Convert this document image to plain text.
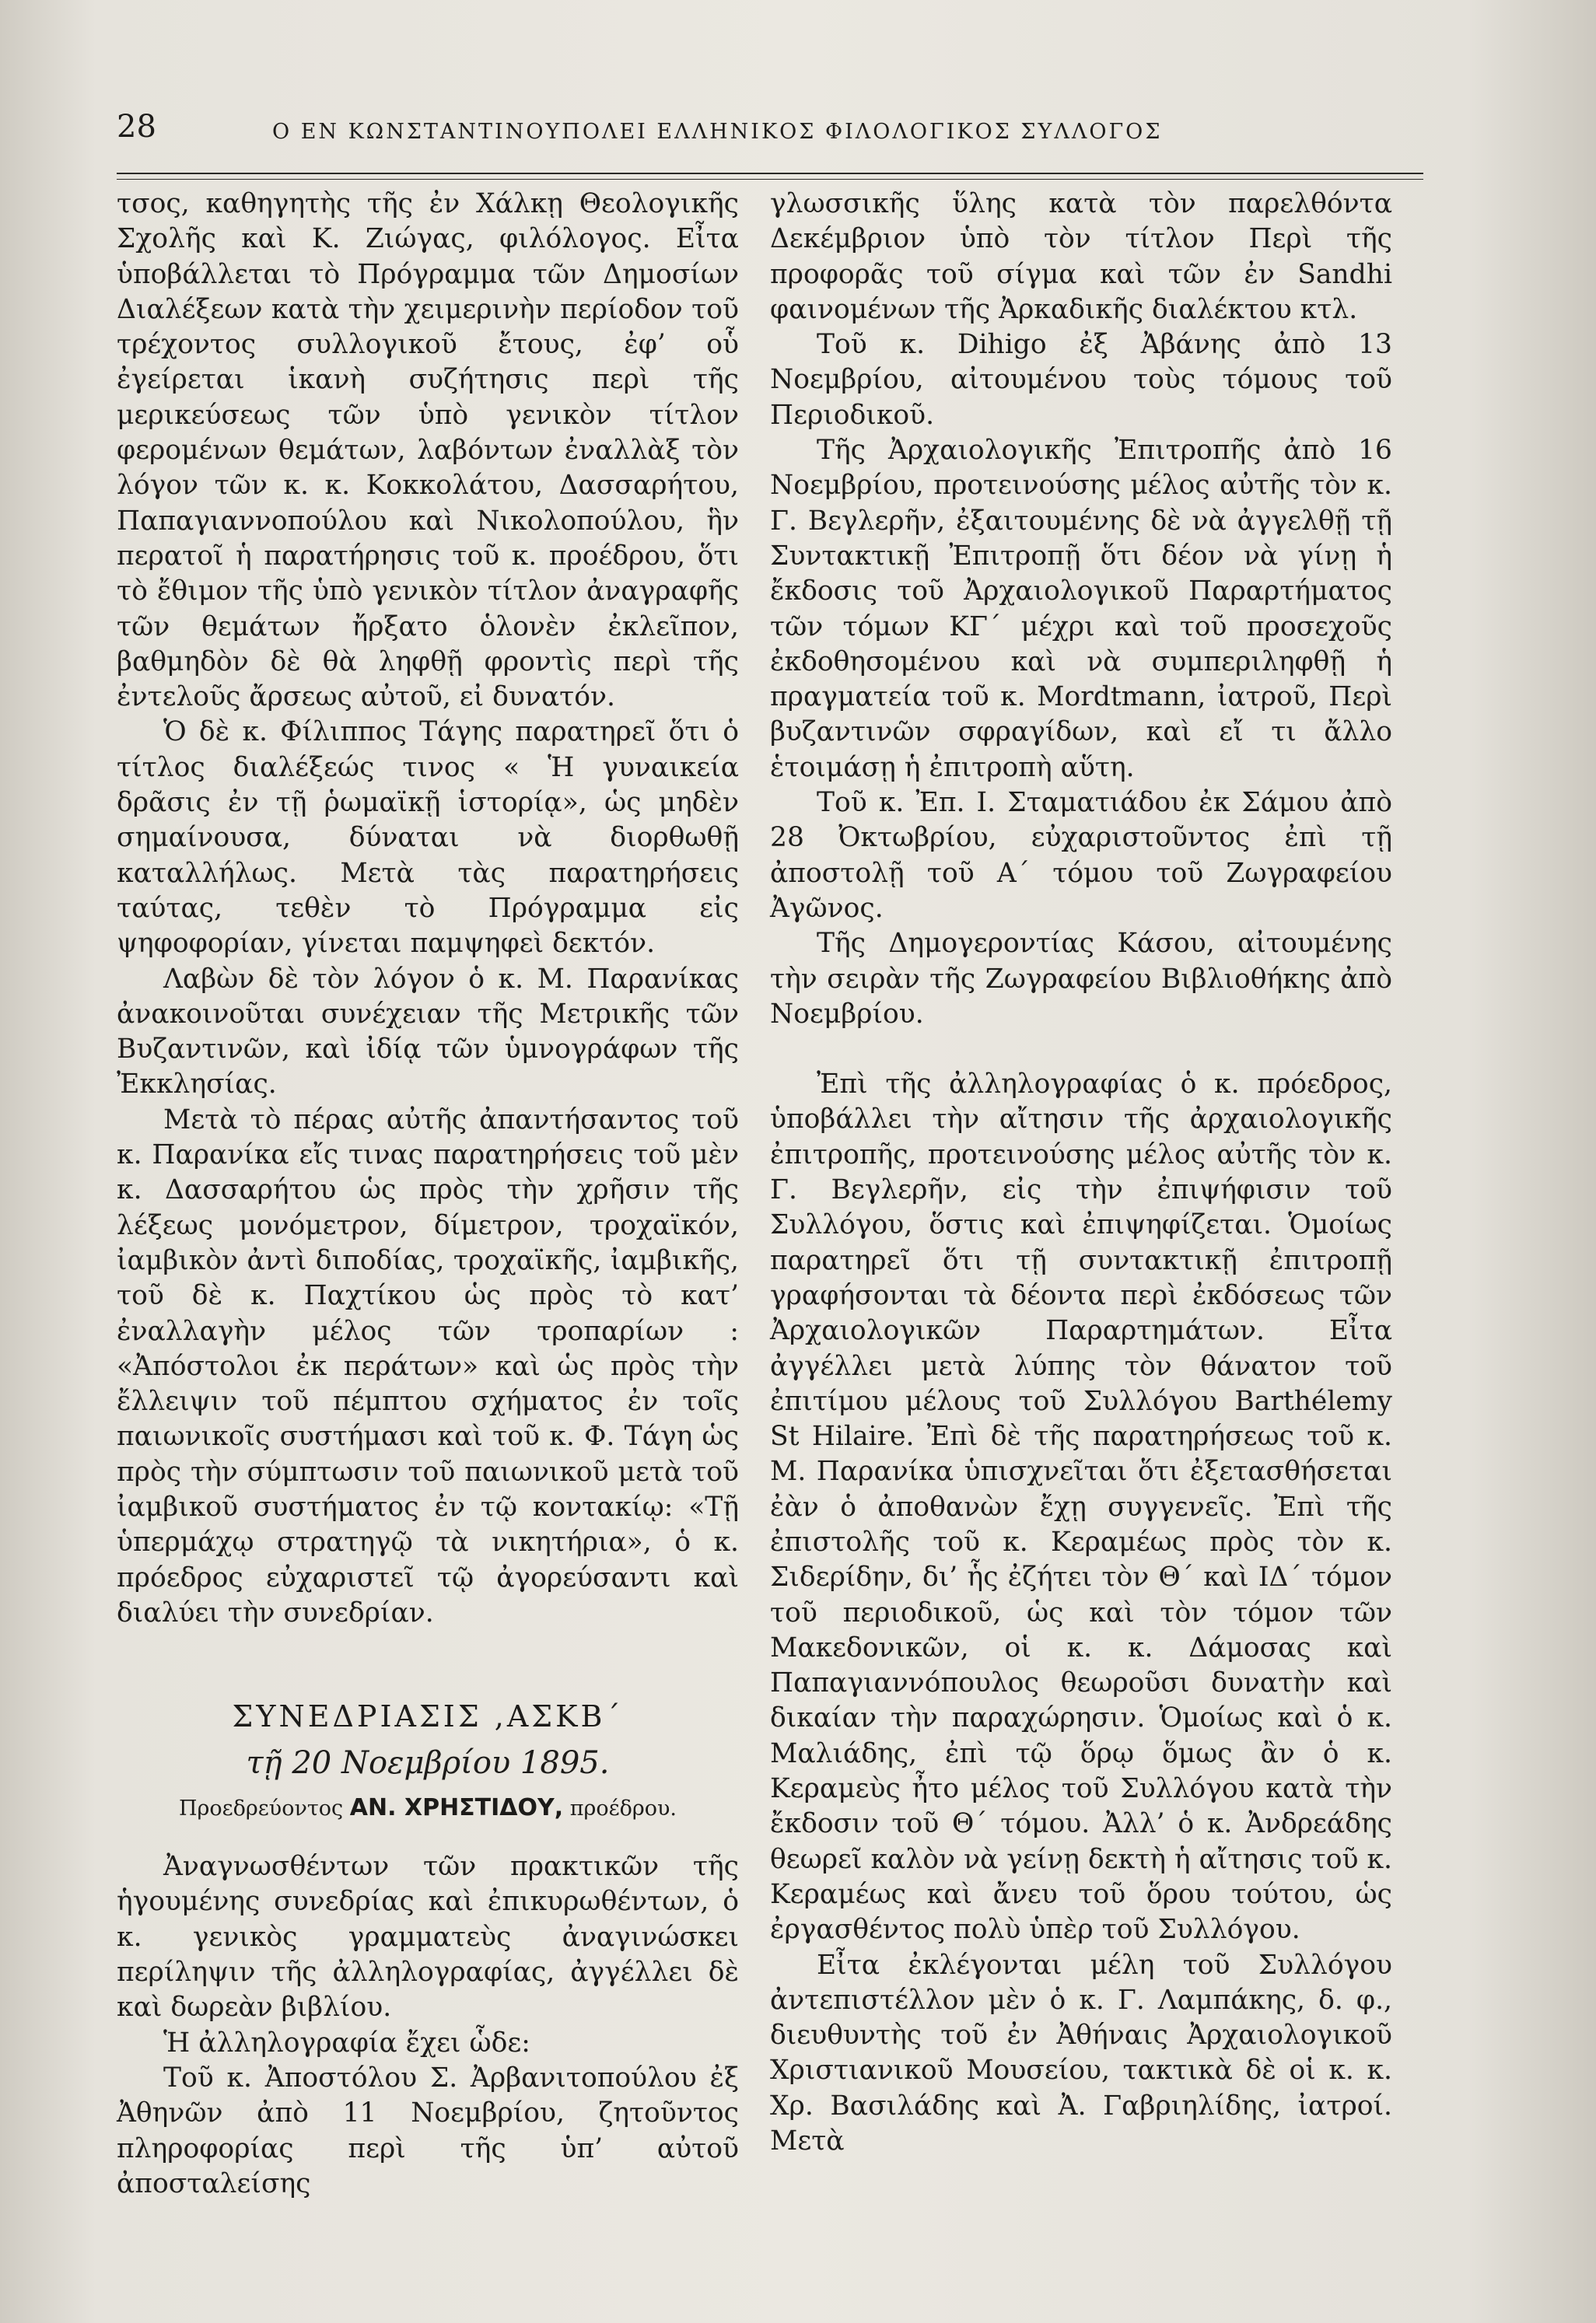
28	Ο ΕΝ ΚΩΝΣΤΑΝΤΙΝΟΥΠΟΛΕΙ ΕΛΛΗΝΙΚΟΣ ΦΙΛΟΛΟΓΙΚΟΣ ΣΥΛΛΟΓΟΣ

τσος, καθηγητὴς τῆς ἐν Χάλκῃ Θεολογικῆς Σχολῆς καὶ Κ. Ζιώγας, φιλόλογος. Εἶτα ὑποβάλλεται τὸ Πρόγραμμα τῶν Δημοσίων Διαλέξεων κατὰ τὴν χειμερινὴν περίοδον τοῦ τρέχοντος συλλογικοῦ ἔτους, ἐφ’ οὗ ἐγείρεται ἱκανὴ συζήτησις περὶ τῆς μερικεύσεως τῶν ὑπὸ γενικὸν τίτλον φερομένων θεμάτων, λαβόντων ἐναλλὰξ τὸν λόγον τῶν κ. κ. Κοκκολάτου, Δασσαρήτου, Παπαγιαννοπούλου καὶ Νικολοπούλου, ἣν περατοῖ ἡ παρατήρησις τοῦ κ. προέδρου, ὅτι τὸ ἔθιμον τῆς ὑπὸ γενικὸν τίτλον ἀναγραφῆς τῶν θεμάτων ἤρξατο ὁλονὲν ἐκλεῖπον, βαθμηδὸν δὲ θὰ ληφθῇ φροντὶς περὶ τῆς ἐντελοῦς ἄρσεως αὐτοῦ, εἰ δυνατόν.

Ὁ δὲ κ. Φίλιππος Τάγης παρατηρεῖ ὅτι ὁ τίτλος διαλέξεώς τινος « Ἡ γυναικεία δρᾶσις ἐν τῇ ῥωμαϊκῇ ἱστορίᾳ», ὡς μηδὲν σημαίνουσα, δύναται νὰ διορθωθῇ καταλλήλως. Μετὰ τὰς παρατηρήσεις ταύτας, τεθὲν τὸ Πρόγραμμα εἰς ψηφοφορίαν, γίνεται παμψηφεὶ δεκτόν.

Λαβὼν δὲ τὸν λόγον ὁ κ. Μ. Παρανίκας ἀνακοινοῦται συνέχειαν τῆς Μετρικῆς τῶν Βυζαντινῶν, καὶ ἰδίᾳ τῶν ὑμνογράφων τῆς Ἐκκλησίας.

Μετὰ τὸ πέρας αὐτῆς ἀπαντήσαντος τοῦ κ. Παρανίκα εἴς τινας παρατηρήσεις τοῦ μὲν κ. Δασσαρήτου ὡς πρὸς τὴν χρῆσιν τῆς λέξεως μονόμετρον, δίμετρον, τροχαϊκόν, ἰαμβικὸν ἀντὶ διποδίας, τροχαϊκῆς, ἰαμβικῆς, τοῦ δὲ κ. Παχτίκου ὡς πρὸς τὸ κατ’ ἐναλλαγὴν μέλος τῶν τροπαρίων : «Ἀπόστολοι ἐκ περάτων» καὶ ὡς πρὸς τὴν ἔλλειψιν τοῦ πέμπτου σχήματος ἐν τοῖς παιωνικοῖς συστήμασι καὶ τοῦ κ. Φ. Τάγη ὡς πρὸς τὴν σύμπτωσιν τοῦ παιωνικοῦ μετὰ τοῦ ἰαμβικοῦ συστήματος ἐν τῷ κοντακίῳ: «Τῇ ὑπερμάχῳ στρατηγῷ τὰ νικητήρια», ὁ κ. πρόεδρος εὐχαριστεῖ τῷ ἀγορεύσαντι καὶ διαλύει τὴν συνεδρίαν.

ΣΥΝΕΔΡΙΑΣΙΣ ,ΑΣΚΒ΄

τῇ 20 Νοεμβρίου 1895.

Προεδρεύοντος ΑΝ. ΧΡΗΣΤΙΔΟΥ, προέδρου.

Ἀναγνωσθέντων τῶν πρακτικῶν τῆς ἡγουμένης συνεδρίας καὶ ἐπικυρωθέντων, ὁ κ. γενικὸς γραμματεὺς ἀναγινώσκει περίληψιν τῆς ἀλληλογραφίας, ἀγγέλλει δὲ καὶ δωρεὰν βιβλίου.

Ἡ ἀλληλογραφία ἔχει ὧδε:

Τοῦ κ. Ἀποστόλου Σ. Ἀρβανιτοπούλου ἐξ Ἀθηνῶν ἀπὸ 11 Νοεμβρίου, ζητοῦντος πληροφορίας περὶ τῆς ὑπ’ αὐτοῦ ἀποσταλείσης

γλωσσικῆς ὕλης κατὰ τὸν παρελθόντα Δεκέμβριον ὑπὸ τὸν τίτλον Περὶ τῆς προφορᾶς τοῦ σίγμα καὶ τῶν ἐν Sandhi φαινομένων τῆς Ἀρκαδικῆς διαλέκτου κτλ.

Τοῦ κ. Dihigo ἐξ Ἀβάνης ἀπὸ 13 Νοεμβρίου, αἰτουμένου τοὺς τόμους τοῦ Περιοδικοῦ.

Τῆς Ἀρχαιολογικῆς Ἐπιτροπῆς ἀπὸ 16 Νοεμβρίου, προτεινούσης μέλος αὐτῆς τὸν κ. Γ. Βεγλερῆν, ἐξαιτουμένης δὲ νὰ ἀγγελθῇ τῇ Συντακτικῇ Ἐπιτροπῇ ὅτι δέον νὰ γίνῃ ἡ ἔκδοσις τοῦ Ἀρχαιολογικοῦ Παραρτήματος τῶν τόμων ΚΓ΄ μέχρι καὶ τοῦ προσεχοῦς ἐκδοθησομένου καὶ νὰ συμπεριληφθῇ ἡ πραγματεία τοῦ κ. Mordtmann, ἰατροῦ, Περὶ βυζαντινῶν σφραγίδων, καὶ εἴ τι ἄλλο ἑτοιμάσῃ ἡ ἐπιτροπὴ αὕτη.

Τοῦ κ. Ἐπ. Ι. Σταματιάδου ἐκ Σάμου ἀπὸ 28 Ὀκτωβρίου, εὐχαριστοῦντος ἐπὶ τῇ ἀποστολῇ τοῦ Α΄ τόμου τοῦ Ζωγραφείου Ἀγῶνος.

Τῆς Δημογεροντίας Κάσου, αἰτουμένης τὴν σειρὰν τῆς Ζωγραφείου Βιβλιοθήκης ἀπὸ Νοεμβρίου.

Ἐπὶ τῆς ἀλληλογραφίας ὁ κ. πρόεδρος, ὑποβάλλει τὴν αἴτησιν τῆς ἀρχαιολογικῆς ἐπιτροπῆς, προτεινούσης μέλος αὐτῆς τὸν κ. Γ. Βεγλερῆν, εἰς τὴν ἐπιψήφισιν τοῦ Συλλόγου, ὅστις καὶ ἐπιψηφίζεται. Ὁμοίως παρατηρεῖ ὅτι τῇ συντακτικῇ ἐπιτροπῇ γραφήσονται τὰ δέοντα περὶ ἐκδόσεως τῶν Ἀρχαιολογικῶν Παραρτημάτων. Εἶτα ἀγγέλλει μετὰ λύπης τὸν θάνατον τοῦ ἐπιτίμου μέλους τοῦ Συλλόγου Barthélemy St Hilaire. Ἐπὶ δὲ τῆς παρατηρήσεως τοῦ κ. Μ. Παρανίκα ὑπισχνεῖται ὅτι ἐξετασθήσεται ἐὰν ὁ ἀποθανὼν ἔχῃ συγγενεῖς. Ἐπὶ τῆς ἐπιστολῆς τοῦ κ. Κεραμέως πρὸς τὸν κ. Σιδερίδην, δι’ ἧς ἐζήτει τὸν Θ΄ καὶ ΙΔ΄ τόμον τοῦ περιοδικοῦ, ὡς καὶ τὸν τόμον τῶν Μακεδονικῶν, οἱ κ. κ. Δάμοσας καὶ Παπαγιαννόπουλος θεωροῦσι δυνατὴν καὶ δικαίαν τὴν παραχώρησιν. Ὁμοίως καὶ ὁ κ. Μαλιάδης, ἐπὶ τῷ ὅρῳ ὅμως ἂν ὁ κ. Κεραμεὺς ἦτο μέλος τοῦ Συλλόγου κατὰ τὴν ἔκδοσιν τοῦ Θ΄ τόμου. Ἀλλ’ ὁ κ. Ἀνδρεάδης θεωρεῖ καλὸν νὰ γείνῃ δεκτὴ ἡ αἴτησις τοῦ κ. Κεραμέως καὶ ἄνευ τοῦ ὅρου τούτου, ὡς ἐργασθέντος πολὺ ὑπὲρ τοῦ Συλλόγου.

Εἶτα ἐκλέγονται μέλη τοῦ Συλλόγου ἀντεπιστέλλον μὲν ὁ κ. Γ. Λαμπάκης, δ. φ., διευθυντὴς τοῦ ἐν Ἀθήναις Ἀρχαιολογικοῦ Χριστιανικοῦ Μουσείου, τακτικὰ δὲ οἱ κ. κ. Χρ. Βασιλάδης καὶ Ἀ. Γαβριηλίδης, ἰατροί. Μετὰ
